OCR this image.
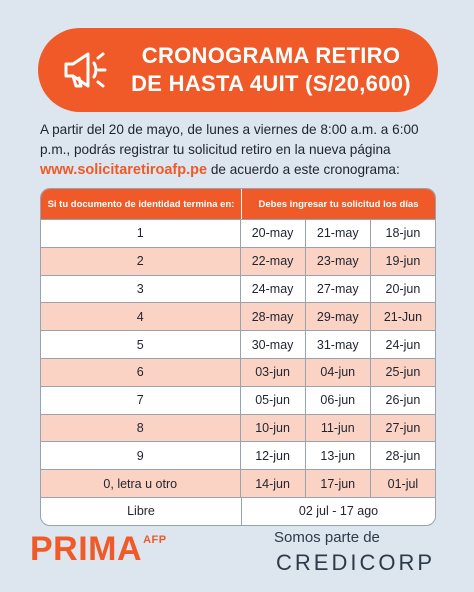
CRONOGRAMA RETIRO
DE HASTA 4UIT (S/20,600)
A partir del 20 de mayo, de lunes a viernes de 8:00 a.m. a 6:00 p.m., podrás registrar tu solicitud retiro en la nueva página
www.solicitaretiroafp.pe de acuerdo a este cronograma:
Si tu documento de identidad termina en:	Debes ingresar tu solicitud los días
1	20-may	21-may	18-jun
2	22-may	23-may	19-jun
3	24-may	27-may	20-jun
4	28-may	29-may	21-Jun
5	30-may	31-may	24-jun
6	03-jun	04-jun	25-jun
7	05-jun	06-jun	26-jun
8	10-jun	11-jun	27-jun
9	12-jun	13-jun	28-jun
0, letra u otro	14-jun	17-jun	01-jul
Libre	02 jul - 17 ago
$PRIMA^{AFP}$	Somos parte de
CREDICORP
